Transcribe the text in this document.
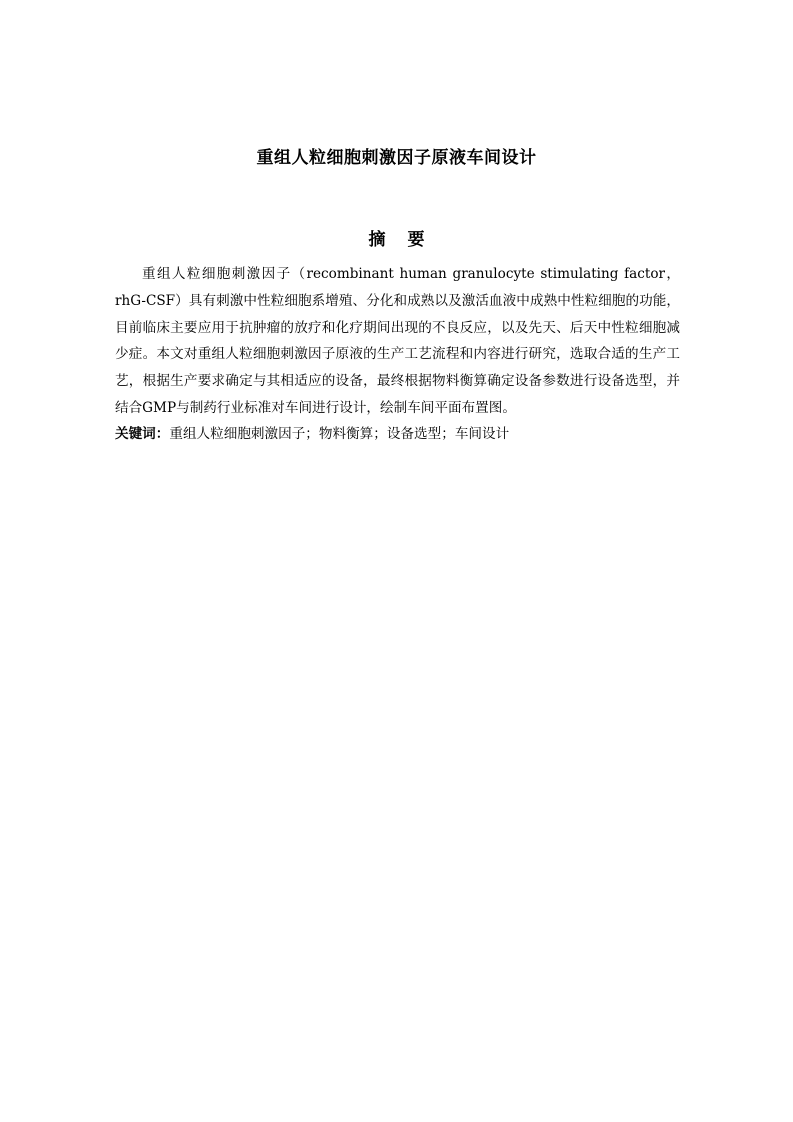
重组人粒细胞刺激因子原液车间设计
摘 要

重组人粒细胞刺激因子（recombinant human granulocyte stimulating factor，rhG-CSF）具有刺激中性粒细胞系增殖、分化和成熟以及激活血液中成熟中性粒细胞的功能，目前临床主要应用于抗肿瘤的放疗和化疗期间出现的不良反应，以及先天、后天中性粒细胞减少症。本文对重组人粒细胞刺激因子原液的生产工艺流程和内容进行研究，选取合适的生产工艺，根据生产要求确定与其相适应的设备，最终根据物料衡算确定设备参数进行设备选型，并结合GMP与制药行业标准对车间进行设计，绘制车间平面布置图。

关键词：重组人粒细胞刺激因子；物料衡算；设备选型；车间设计
